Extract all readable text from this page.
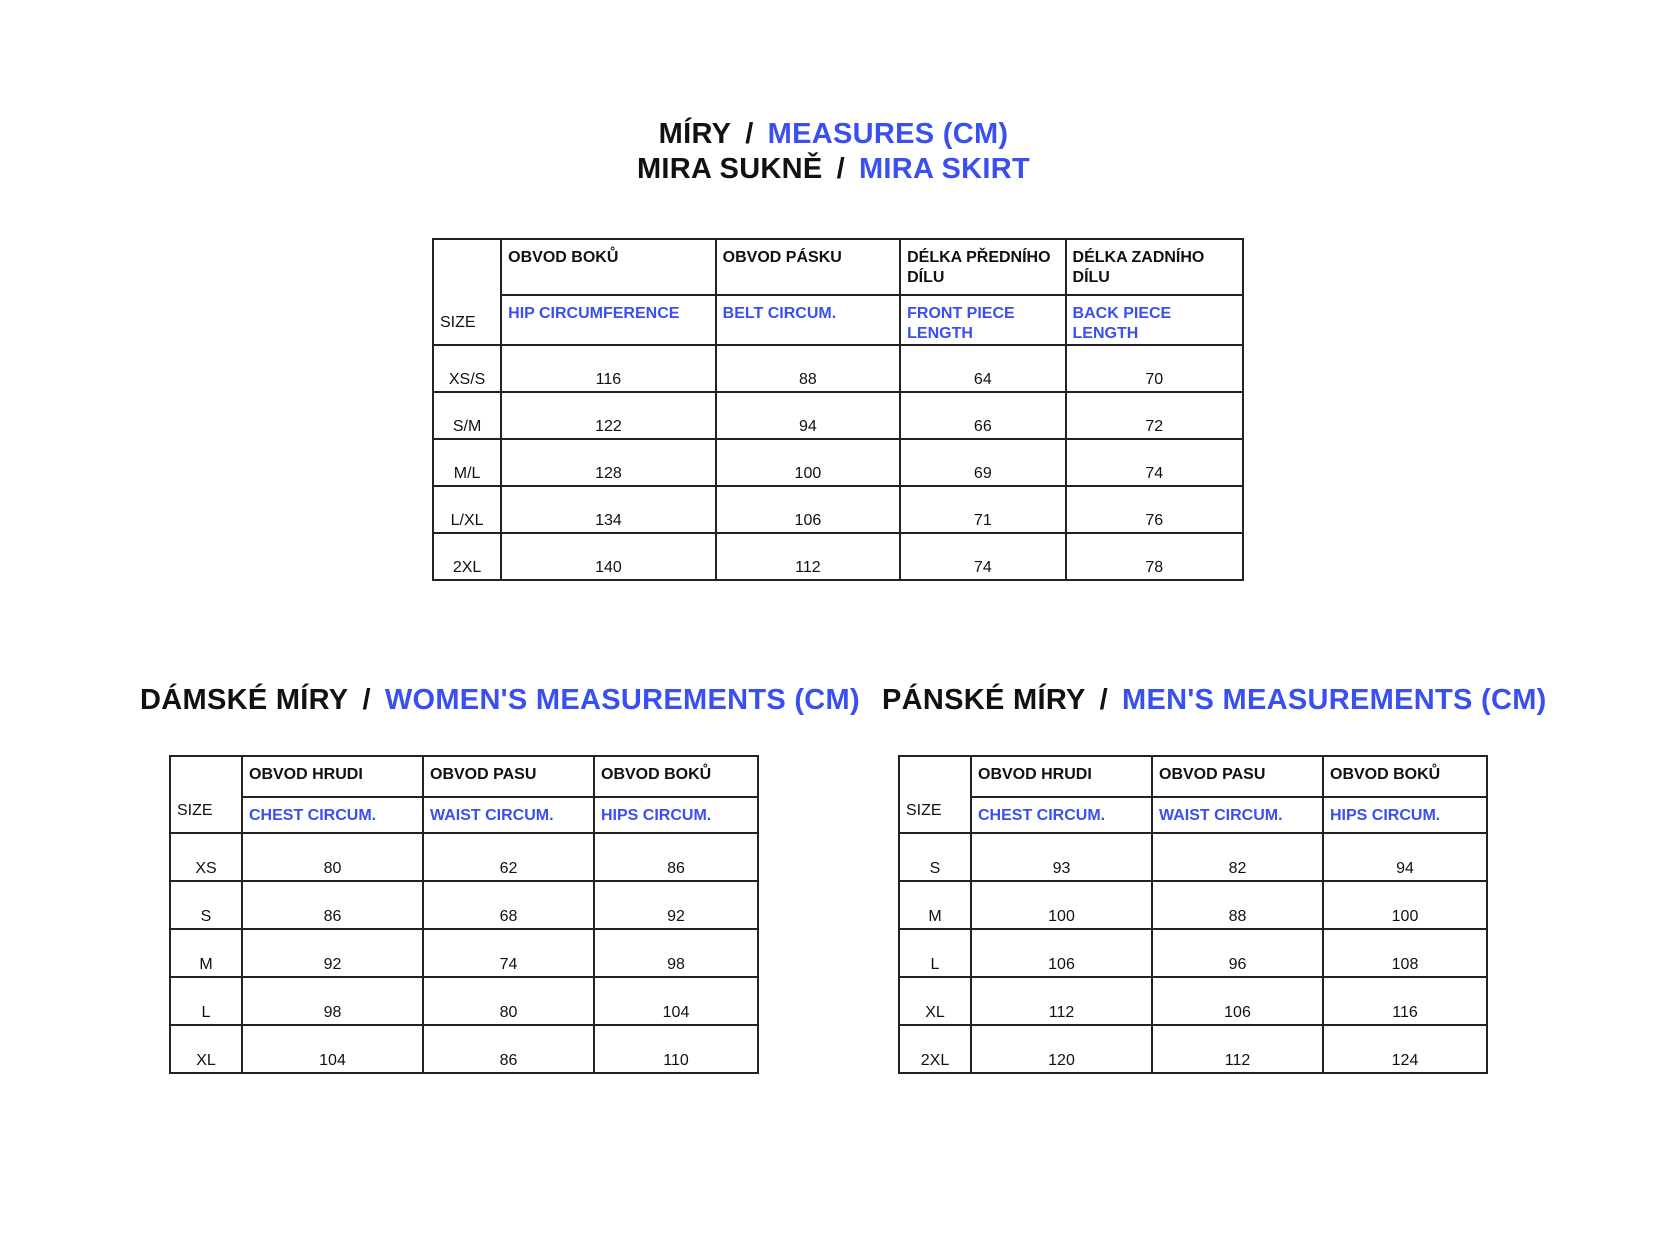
MÍRY / MEASURES (CM)
MIRA SUKNĚ / MIRA SKIRT
SIZE	OBVOD BOKŮ	OBVOD PÁSKU	DÉLKA PŘEDNÍHO DÍLU	DÉLKA ZADNÍHO DÍLU
	HIP CIRCUMFERENCE	BELT CIRCUM.	FRONT PIECE LENGTH	BACK PIECE LENGTH
XS/S	116	88	64	70
S/M	122	94	66	72
M/L	128	100	69	74
L/XL	134	106	71	76
2XL	140	112	74	78
DÁMSKÉ MÍRY / WOMEN'S MEASUREMENTS (CM)
SIZE	OBVOD HRUDI	OBVOD PASU	OBVOD BOKŮ
	CHEST CIRCUM.	WAIST CIRCUM.	HIPS CIRCUM.
XS	80	62	86
S	86	68	92
M	92	74	98
L	98	80	104
XL	104	86	110
PÁNSKÉ MÍRY / MEN'S MEASUREMENTS (CM)
SIZE	OBVOD HRUDI	OBVOD PASU	OBVOD BOKŮ
	CHEST CIRCUM.	WAIST CIRCUM.	HIPS CIRCUM.
S	93	82	94
M	100	88	100
L	106	96	108
XL	112	106	116
2XL	120	112	124
